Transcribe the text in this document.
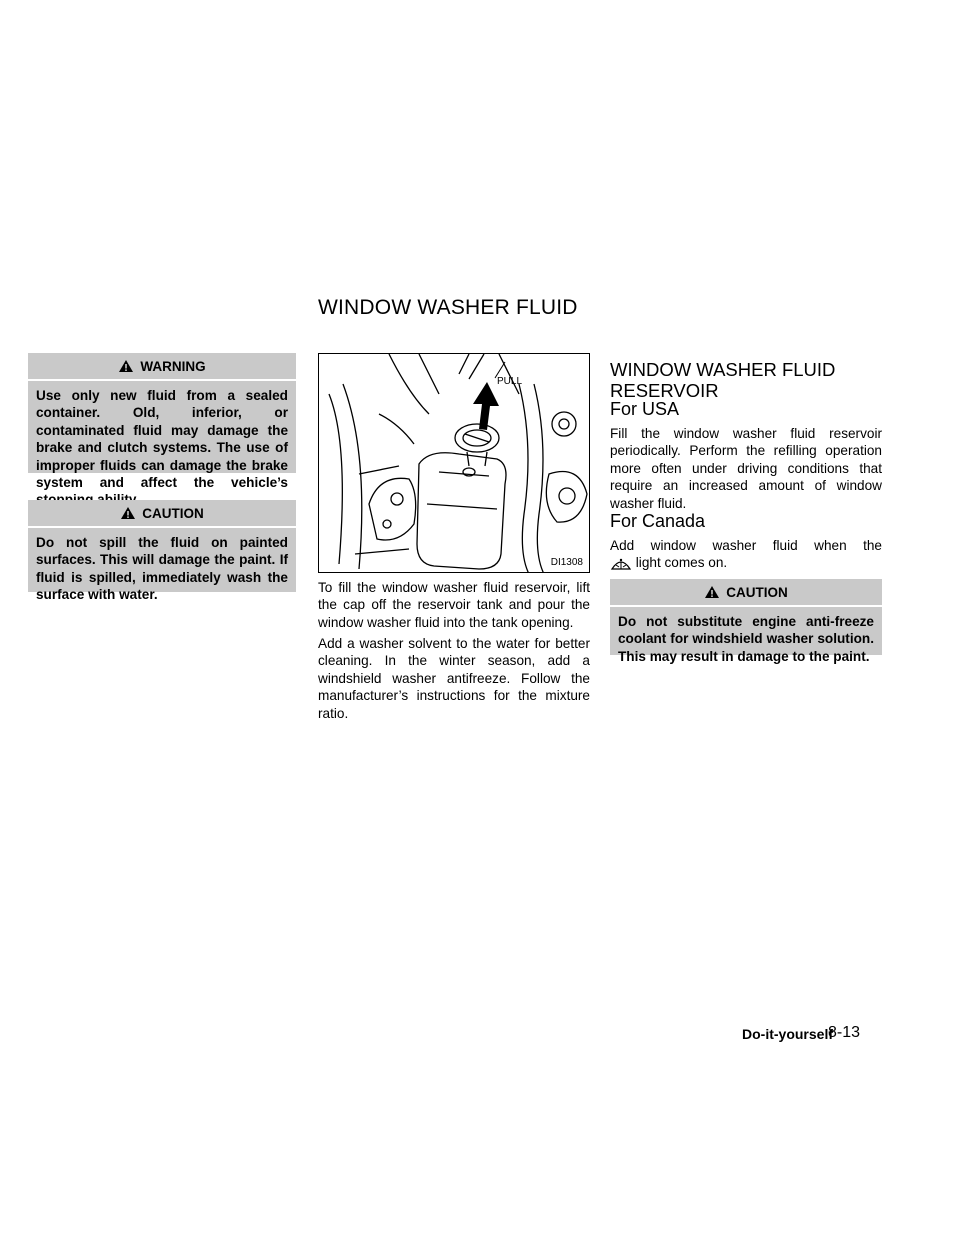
WINDOW WASHER FLUID
WARNING
Use only new fluid from a sealed container. Old, inferior, or contaminated fluid may damage the brake and clutch systems. The use of improper fluids can damage the brake system and affect the vehicle’s
CAUTION
Do not spill the fluid on painted surfaces. This will damage the paint. If fluid is spilled, immediately wash the surface with water.
PULL
DI1308
To fill the window washer fluid reservoir, lift the cap off the reservoir tank and pour the window washer fluid into the tank opening.
Add a washer solvent to the water for better cleaning. In the winter season, add a windshield washer antifreeze. Follow the manufacturer’s instructions for the mixture ratio.
WINDOW WASHER FLUID RESERVOIR
For USA
Fill the window washer fluid reservoir periodically. Perform the refilling operation more often under driving conditions that require an increased amount of window washer fluid.
For Canada
Add window washer fluid when the
light comes on.
CAUTION
Do not substitute engine anti-freeze coolant for windshield washer solution. This may result in damage to the paint.
Do-it-yourself
8-13
